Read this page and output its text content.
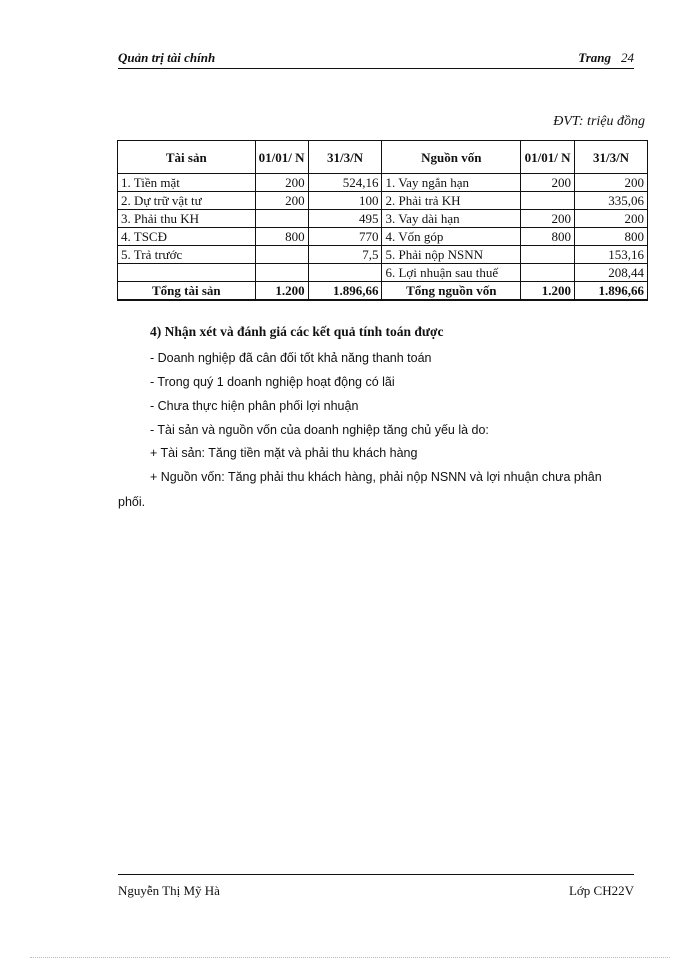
Quản trị tài chính	Trang 24
ĐVT: triệu đồng
Tài sản	01/01/ N	31/3/N	Nguồn vốn	01/01/ N	31/3/N
1. Tiền mặt	200	524,16	1. Vay ngắn hạn	200	200
2. Dự trữ vật tư	200	100	2. Phải trả KH		335,06
3. Phải thu KH		495	3. Vay dài hạn	200	200
4. TSCĐ	800	770	4. Vốn góp	800	800
5. Trả trước		7,5	5. Phải nộp NSNN		153,16
			6. Lợi nhuận sau thuế		208,44
Tổng tài sản	1.200	1.896,66	Tổng nguồn vốn	1.200	1.896,66
4) Nhận xét và đánh giá các kết quả tính toán được
- Doanh nghiệp đã cân đối tốt khả năng thanh toán
- Trong quý 1 doanh nghiệp hoạt động có lãi
- Chưa thực hiện phân phối lợi nhuận
- Tài sản và nguồn vốn của doanh nghiệp tăng chủ yếu là do:
+ Tài sản: Tăng tiền mặt và phải thu khách hàng
+ Nguồn vốn: Tăng phải thu khách hàng, phải nộp NSNN và lợi nhuận chưa phân
phối.
Nguyễn Thị Mỹ Hà	Lớp CH22V
